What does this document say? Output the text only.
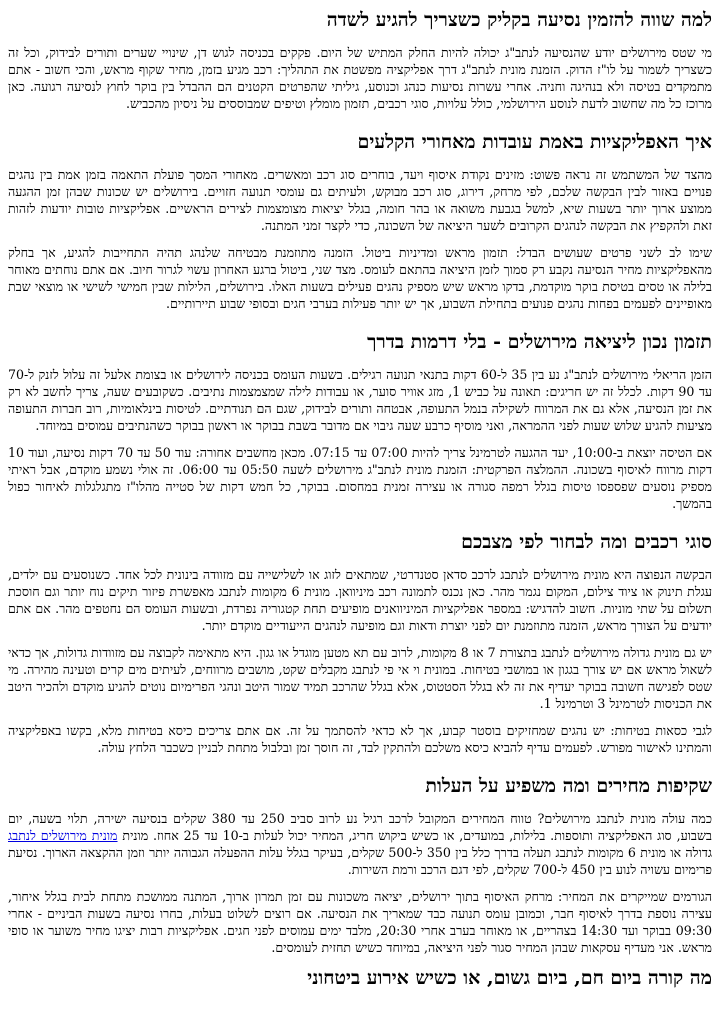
למה שווה להזמין נסיעה בקליק כשצריך להגיע לשדה

מי שטס מירושלים יודע שהנסיעה לנתב"ג יכולה להיות החלק המתיש של היום. פקקים בכניסה לגוש דן, שינויי שערים ותורים לבידוק, וכל זה כשצריך לשמור על לו"ז הדוק. הזמנת מונית לנתב"ג דרך אפליקציה מפשטת את התהליך: רכב מגיע בזמן, מחיר שקוף מראש, והכי חשוב - אתם מתמקדים בטיסה ולא בנהיגה וחניה. אחרי עשרות נסיעות כנהג וכנוסע, גיליתי שהפרטים הקטנים הם ההבדל בין בוקר לחוץ לנסיעה רגועה. כאן מרוכז כל מה שחשוב לדעת לנוסע הירושלמי, כולל עלויות, סוגי רכבים, תזמון מומלץ וטיפים שמבוססים על ניסיון מהכביש.

איך האפליקציות באמת עובדות מאחורי הקלעים

מהצד של המשתמש זה נראה פשוט: מזינים נקודת איסוף ויעד, בוחרים סוג רכב ומאשרים. מאחורי המסך פועלת התאמה בזמן אמת בין נהגים פנויים באזור לבין הבקשה שלכם, לפי מרחק, דירוג, סוג רכב מבוקש, ולעיתים גם עומסי תנועה חזויים. בירושלים יש שכונות שבהן זמן ההגעה ממוצע ארוך יותר בשעות שיא, למשל בגבעת משואה או בהר חומה, בגלל יציאות מצומצמות לצירים הראשיים. אפליקציות טובות יודעות לזהות זאת ולהקפיץ את הבקשה לנהגים הקרובים לשער היציאה של השכונה, כדי לקצר זמני המתנה.

שימו לב לשני פרטים שעושים הבדל: תזמון מראש ומדיניות ביטול. הזמנה מתוזמנת מבטיחה שלנהג תהיה התחייבות להגיע, אך בחלק מהאפליקציות מחיר הנסיעה נקבע רק סמוך לזמן היציאה בהתאם לעומס. מצד שני, ביטול ברגע האחרון עשוי לגרור חיוב. אם אתם נוחתים מאוחר בלילה או טסים בטיסת בוקר מוקדמת, בדקו מראש שיש מספיק נהגים פעילים בשעות האלו. בירושלים, הלילות שבין חמישי לשישי או מוצאי שבת מאופיינים לפעמים בפחות נהגים פנועים בתחילת השבוע, אך יש יותר פעילות בערבי חגים ובסופי שבוע תיירותיים.

תזמון נכון ליציאה מירושלים - בלי דרמות בדרך

הזמן הריאלי מירושלים לנתב"ג נע בין 35 ל-60 דקות בתנאי תנועה רגילים. בשעות העומס בכניסה לירושלים או בצומת אלעל זה עלול לזנק ל-70 עד 90 דקות. לכלל זה יש חריגים: תאונה על כביש 1, מזג אוויר סוער, או עבודות לילה שמצמצמות נתיבים. כשקובעים שעה, צריך לחשב לא רק את זמן הנסיעה, אלא גם את המרווח לשקילה בנמל התעופה, אבטחה ותורים לבידוק, שגם הם תנודתיים. לטיסות בינלאומיות, רוב חברות התעופה מציעות להגיע שלוש שעות לפני ההמראה, ואני מוסיף כרבע שעה גיבוי אם מדובר בשבת בבוקר או ראשון בבוקר כשהנתיבים עמוסים במיוחד.

אם הטיסה יוצאת ב-10:00, יעד ההגעה לטרמינל צריך להיות 07:00 עד 07:15. מכאן מחשבים אחורה: עוד 50 עד 70 דקות נסיעה, ועוד 10 דקות מרווח לאיסוף בשכונה. ההמלצה הפרקטית: הזמנת מונית לנתב"ג מירושלים לשעה 05:50 עד 06:00. זה אולי נשמע מוקדם, אבל ראיתי מספיק נוסעים שפספסו טיסות בגלל רמפה סגורה או עצירה זמנית במחסום. בבוקר, כל חמש דקות של סטייה מהלו"ז מתגלגלות לאיחור כפול בהמשך.

סוגי רכבים ומה לבחור לפי מצבכם

הבקשה הנפוצה היא מונית מירושלים לנתבג לרכב סדאן סטנדרטי, שמתאים לזוג או לשלישייה עם מזוודה בינונית לכל אחד. כשנוסעים עם ילדים, עגלת תינוק או ציוד צילום, המקום נגמר מהר. כאן נכנס לתמונה רכב מיניוואן. מונית 6 מקומות לנתבג מאפשרת פיזור תיקים נוח יותר וגם חוסכת תשלום על שתי מוניות. חשוב להדגיש: במספר אפליקציות המיניוואנים מופיעים תחת קטגוריה נפרדת, ובשעות העומס הם נחטפים מהר. אם אתם יודעים על הצורך מראש, הזמנה מתוזמנת יום לפני יוצרת ודאות וגם מופיעה לנהגים הייעודיים מוקדם יותר.

יש גם מונית גדולה מירושלים לנתבג בתצורת 7 או 8 מקומות, לרוב עם תא מטען מוגדל או גגון. היא מתאימה לקבוצה עם מזוודות גדולות, אך כדאי לשאול מראש אם יש צורך בגגון או במושבי בטיחות. במונית וי אי פי לנתבג מקבלים שקט, מושבים מרווחים, לעיתים מים קרים וטעינה מהירה. מי שטס לפגישה חשובה בבוקר יעדיף את זה לא בגלל הסטטוס, אלא בגלל שהרכב תמיד שמור היטב ונהגי הפרימיום נוטים להגיע מוקדם ולהכיר היטב את הכניסות לטרמינל 3 וטרמינל 1.

לגבי כסאות בטיחות: יש נהגים שמחזיקים בוסטר קבוע, אך לא כדאי להסתמך על זה. אם אתם צריכים כיסא בטיחות מלא, בקשו באפליקציה והמתינו לאישור מפורש. לפעמים עדיף להביא כיסא משלכם ולהתקין לבד, זה חוסך זמן ובלבול מתחת לבניין כשכבר הלחץ עולה.

שקיפות מחירים ומה משפיע על העלות

כמה עולה מונית לנתבג מירושלים? טווח המחירים המקובל לרכב רגיל נע לרוב סביב 250 עד 380 שקלים בנסיעה ישירה, תלוי בשעה, יום בשבוע, סוג האפליקציה ותוספות. בלילות, במועדים, או כשיש ביקוש חריג, המחיר יכול לעלות ב-10 עד 25 אחוז. מונית מונית מירושלים לנתבג גדולה או מונית 6 מקומות לנתבג תעלה בדרך כלל בין 350 ל-500 שקלים, בעיקר בגלל עלות ההפעלה הגבוהה יותר וזמן ההקצאה הארוך. נסיעת פרימיום עשויה לנוע בין 450 ל-700 שקלים, לפי דגם הרכב ורמת השירות.

הגורמים שמייקרים את המחיר: מרחק האיסוף בתוך ירושלים, יציאה משכונות עם זמן תמרון ארוך, המתנה ממושכת מתחת לבית בגלל איחור, עצירה נוספת בדרך לאיסוף חבר, וכמובן עומס תנועה כבד שמאריך את הנסיעה. אם רוצים לשלוט בעלות, בחרו נסיעה בשעות הביניים - אחרי 09:30 בבוקר ועד 14:30 בצהריים, או מאוחר בערב אחרי 20:30, מלבד ימים עמוסים לפני חגים. אפליקציות רבות יציגו מחיר משוער או סופי מראש. אני מעדיף עסקאות שבהן המחיר סגור לפני היציאה, במיוחד כשיש תחזית לעומסים.

מה קורה ביום חם, ביום גשום, או כשיש אירוע ביטחוני
